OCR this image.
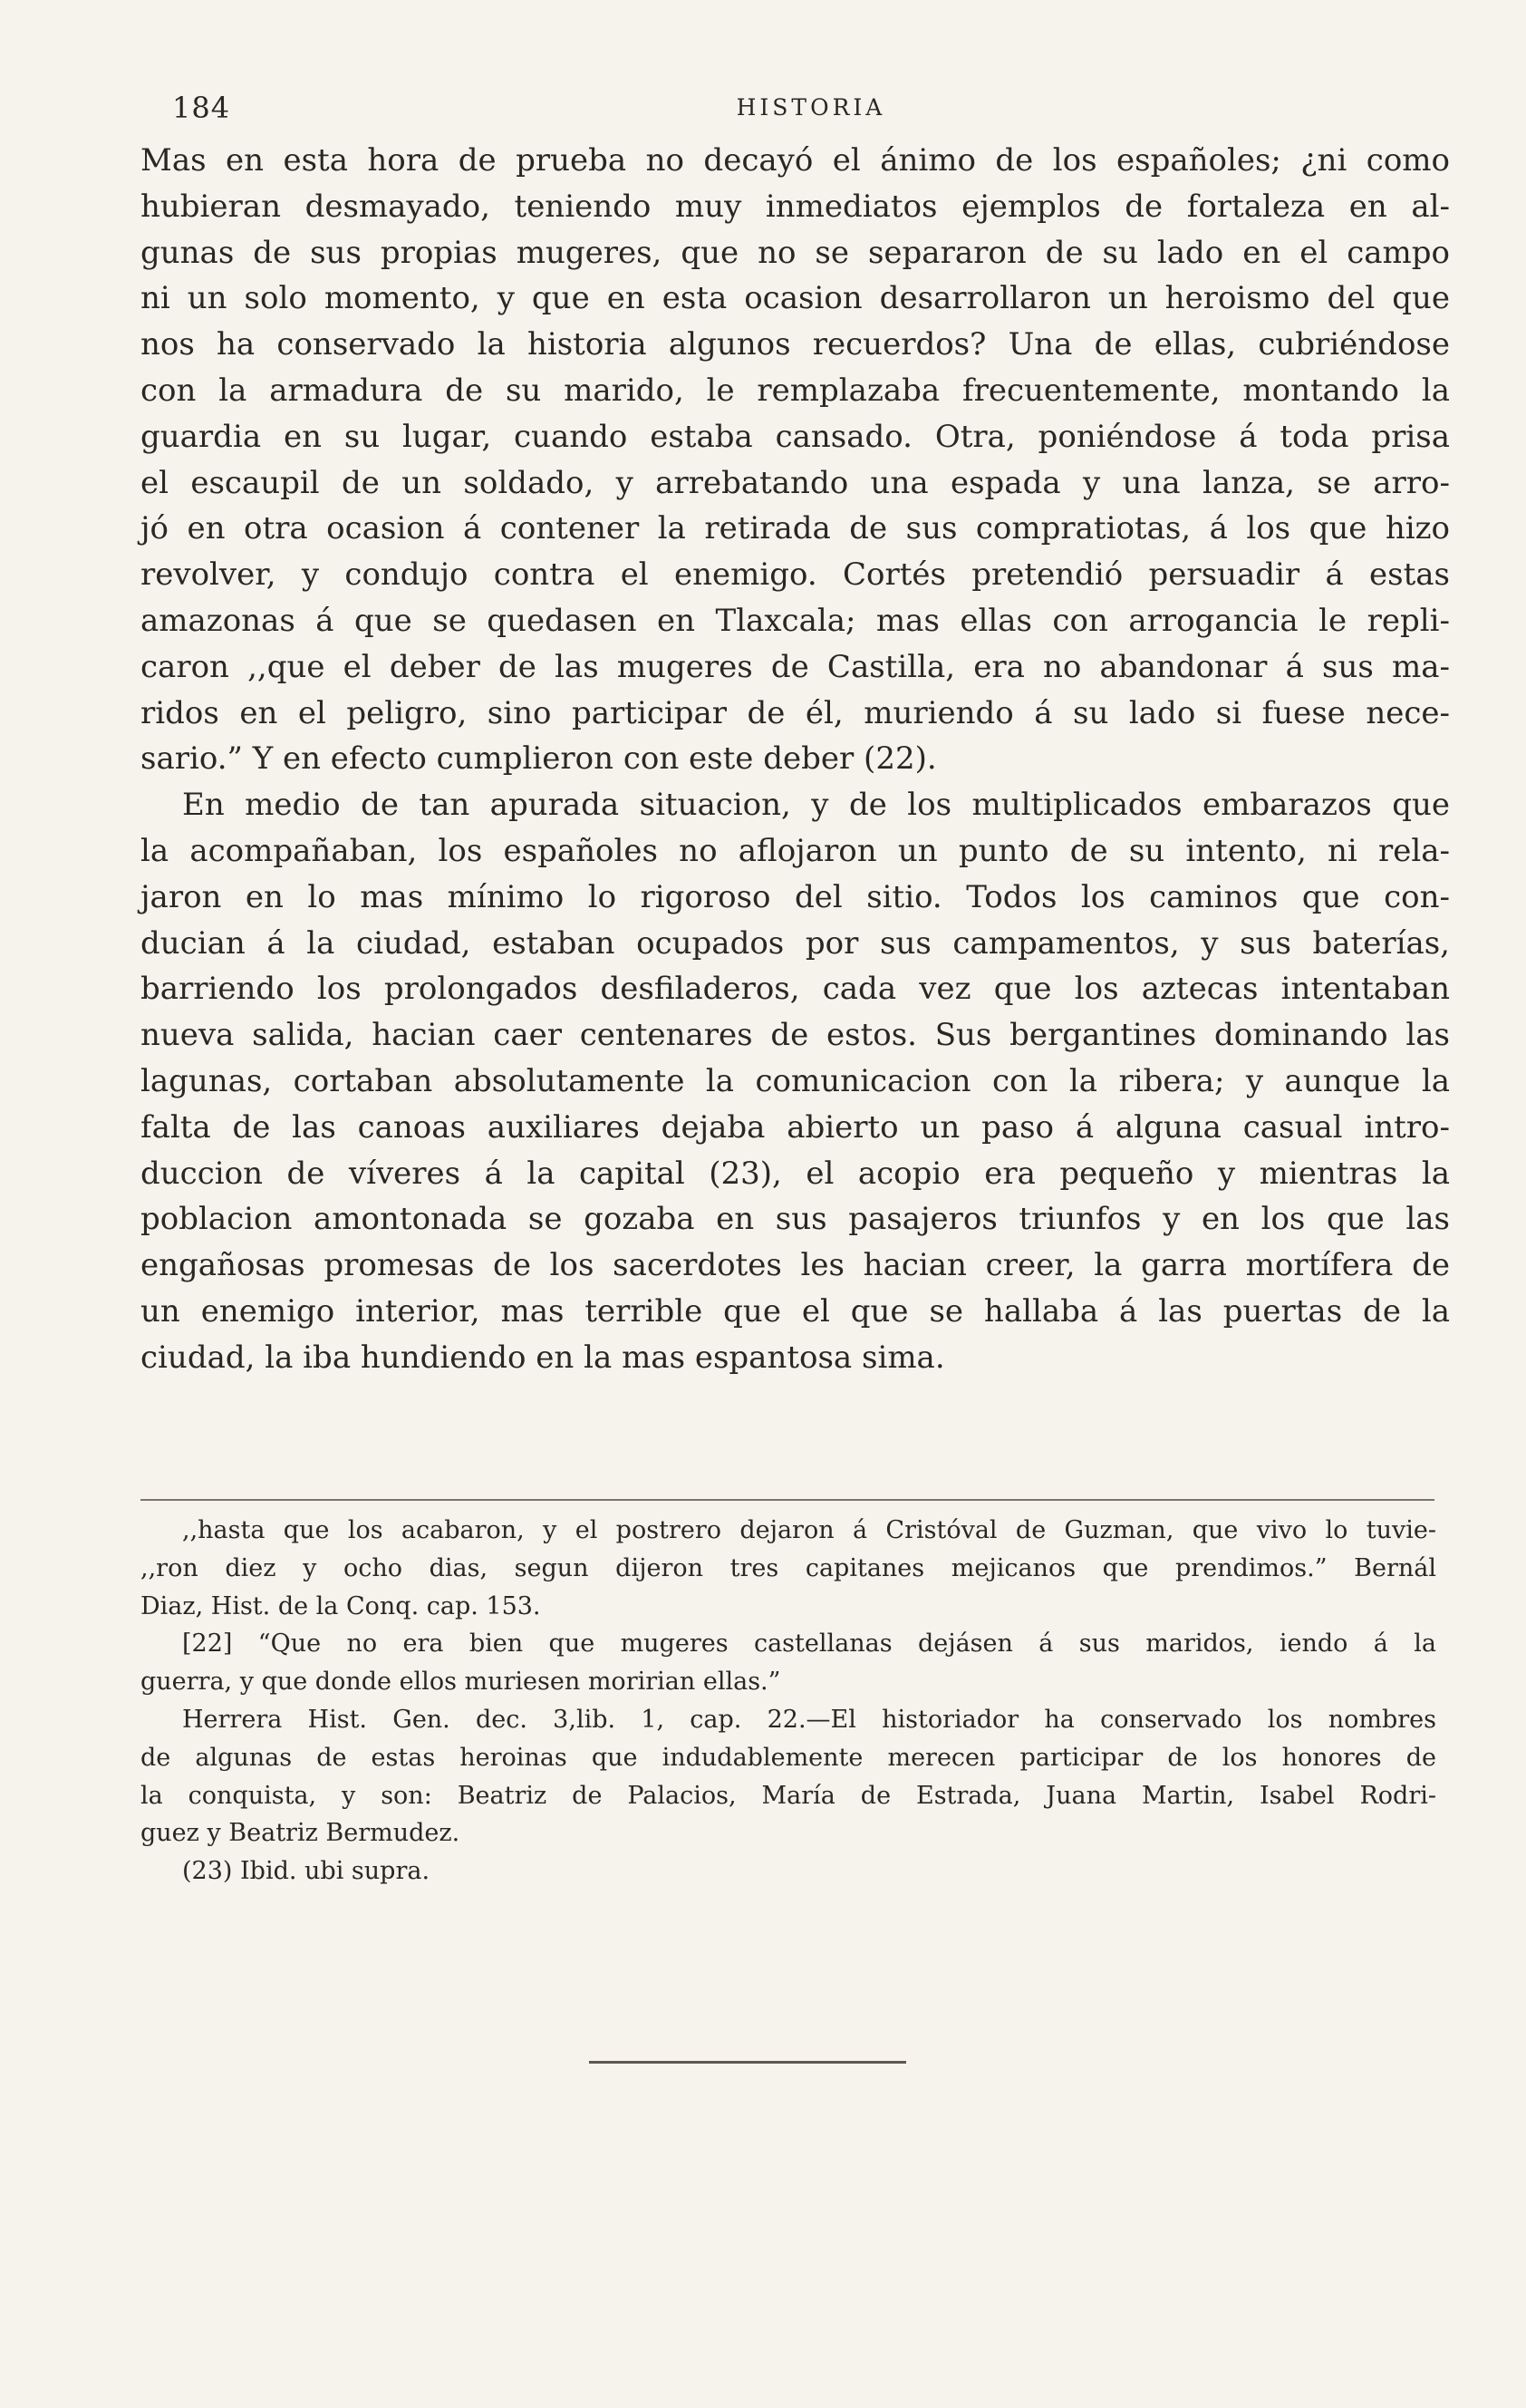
184	HISTORIA
Mas en esta hora de prueba no decayó el ánimo de los españoles; ¿ni como
hubieran desmayado, teniendo muy inmediatos ejemplos de fortaleza en al-
gunas de sus propias mugeres, que no se separaron de su lado en el campo
ni un solo momento, y que en esta ocasion desarrollaron un heroismo del que
nos ha conservado la historia algunos recuerdos? Una de ellas, cubriéndose
con la armadura de su marido, le remplazaba frecuentemente, montando la
guardia en su lugar, cuando estaba cansado. Otra, poniéndose á toda prisa
el escaupil de un soldado, y arrebatando una espada y una lanza, se arro-
jó en otra ocasion á contener la retirada de sus compratiotas, á los que hizo
revolver, y condujo contra el enemigo. Cortés pretendió persuadir á estas
amazonas á que se quedasen en Tlaxcala; mas ellas con arrogancia le repli-
caron ,,que el deber de las mugeres de Castilla, era no abandonar á sus ma-
ridos en el peligro, sino participar de él, muriendo á su lado si fuese nece-
sario.” Y en efecto cumplieron con este deber (22).
En medio de tan apurada situacion, y de los multiplicados embarazos que
la acompañaban, los españoles no aflojaron un punto de su intento, ni rela-
jaron en lo mas mínimo lo rigoroso del sitio. Todos los caminos que con-
ducian á la ciudad, estaban ocupados por sus campamentos, y sus baterías,
barriendo los prolongados desfiladeros, cada vez que los aztecas intentaban
nueva salida, hacian caer centenares de estos. Sus bergantines dominando las
lagunas, cortaban absolutamente la comunicacion con la ribera; y aunque la
falta de las canoas auxiliares dejaba abierto un paso á alguna casual intro-
duccion de víveres á la capital (23), el acopio era pequeño y mientras la
poblacion amontonada se gozaba en sus pasajeros triunfos y en los que las
engañosas promesas de los sacerdotes les hacian creer, la garra mortífera de
un enemigo interior, mas terrible que el que se hallaba á las puertas de la
ciudad, la iba hundiendo en la mas espantosa sima.
,,hasta que los acabaron, y el postrero dejaron á Cristóval de Guzman, que vivo lo tuvie-
,,ron diez y ocho dias, segun dijeron tres capitanes mejicanos que prendimos.” Bernál
Diaz, Hist. de la Conq. cap. 153.
[22] “Que no era bien que mugeres castellanas dejásen á sus maridos, iendo á la
guerra, y que donde ellos muriesen moririan ellas.”
Herrera Hist. Gen. dec. 3,lib. 1, cap. 22.—El historiador ha conservado los nombres
de algunas de estas heroinas que indudablemente merecen participar de los honores de
la conquista, y son: Beatriz de Palacios, María de Estrada, Juana Martin, Isabel Rodri-
guez y Beatriz Bermudez.
(23) Ibid. ubi supra.
